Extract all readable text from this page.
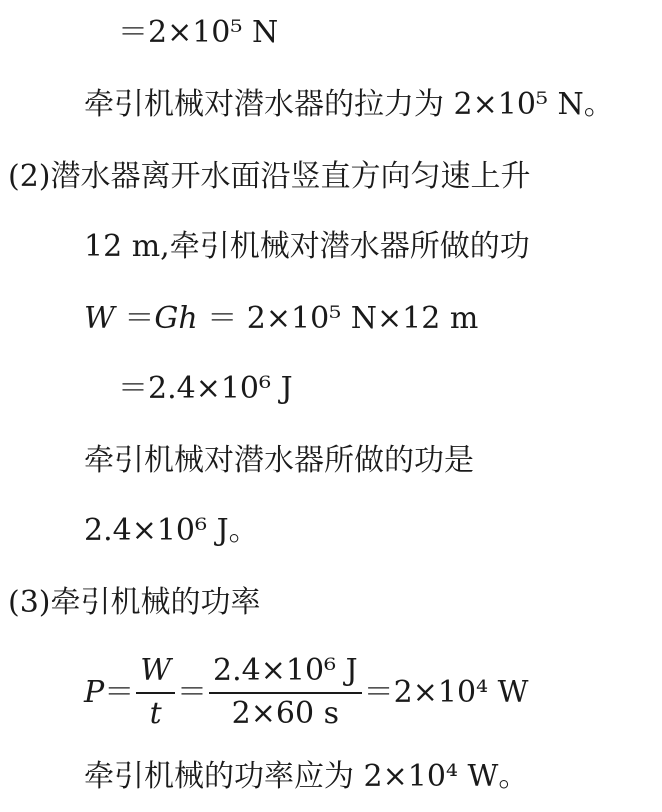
＝2×10⁵ N
牵引机械对潜水器的拉力为 2×10⁵ N。
(2)潜水器离开水面沿竖直方向匀速上升
12 m,牵引机械对潜水器所做的功
W ＝Gh ＝ 2×10⁵ N×12 m
＝2.4×10⁶ J
牵引机械对潜水器所做的功是
2.4×10⁶ J。
(3)牵引机械的功率
$P = \frac{W}{t} = \frac{\text{2.4×10⁶ J}}{2\times 60 s} =2\times 10^4$ W
牵引机械的功率应为 2×10⁴ W。
